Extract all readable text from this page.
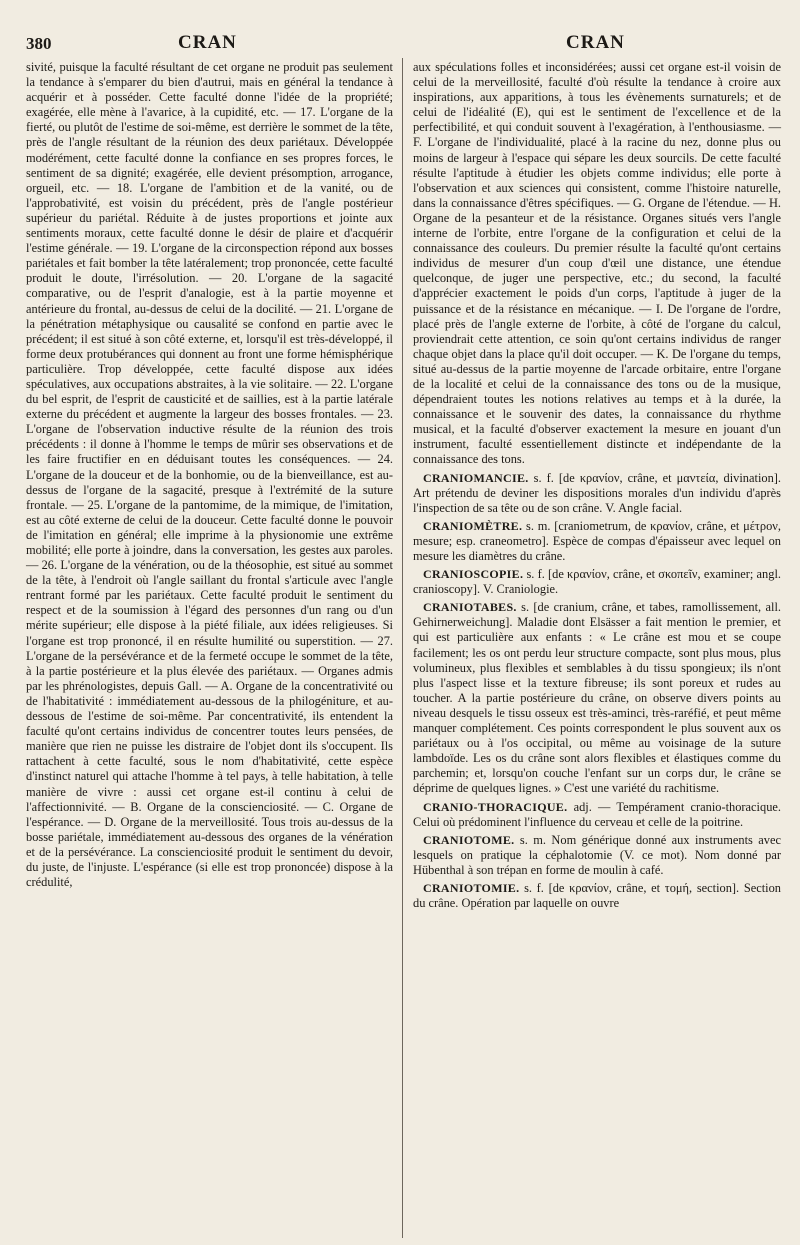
380	CRAN	CRAN

sivité, puisque la faculté résultant de cet organe ne produit pas seulement la tendance à s'emparer du bien d'autrui, mais en général la tendance à acquérir et à posséder. Cette faculté donne l'idée de la propriété; exagérée, elle mène à l'avarice, à la cupidité, etc. — 17. L'organe de la fierté, ou plutôt de l'estime de soi-même, est derrière le sommet de la tête, près de l'angle résultant de la réunion des deux pariétaux. Développée modérément, cette faculté donne la confiance en ses propres forces, le sentiment de sa dignité; exagérée, elle devient présomption, arrogance, orgueil, etc. — 18. L'organe de l'ambition et de la vanité, ou de l'approbativité, est voisin du précédent, près de l'angle postérieur supérieur du pariétal. Réduite à de justes proportions et jointe aux sentiments moraux, cette faculté donne le désir de plaire et d'acquérir l'estime générale. — 19. L'organe de la circonspection répond aux bosses pariétales et fait bomber la tête latéralement; trop prononcée, cette faculté produit le doute, l'irrésolution. — 20. L'organe de la sagacité comparative, ou de l'esprit d'analogie, est à la partie moyenne et antérieure du frontal, au-dessus de celui de la docilité. — 21. L'organe de la pénétration métaphysique ou causalité se confond en partie avec le précédent; il est situé à son côté externe, et, lorsqu'il est très-développé, il forme deux protubérances qui donnent au front une forme hémisphérique particulière. Trop développée, cette faculté dispose aux idées spéculatives, aux occupations abstraites, à la vie solitaire. — 22. L'organe du bel esprit, de l'esprit de causticité et de saillies, est à la partie latérale externe du précédent et augmente la largeur des bosses frontales. — 23. L'organe de l'observation inductive résulte de la réunion des trois précédents : il donne à l'homme le temps de mûrir ses observations et de les faire fructifier en en déduisant toutes les conséquences. — 24. L'organe de la douceur et de la bonhomie, ou de la bienveillance, est au-dessus de l'organe de la sagacité, presque à l'extrémité de la suture frontale. — 25. L'organe de la pantomime, de la mimique, de l'imitation, est au côté externe de celui de la douceur. Cette faculté donne le pouvoir de l'imitation en général; elle imprime à la physionomie une extrême mobilité; elle porte à joindre, dans la conversation, les gestes aux paroles. — 26. L'organe de la vénération, ou de la théosophie, est situé au sommet de la tête, à l'endroit où l'angle saillant du frontal s'articule avec l'angle rentrant formé par les pariétaux. Cette faculté produit le sentiment du respect et de la soumission à l'égard des personnes d'un rang ou d'un mérite supérieur; elle dispose à la piété filiale, aux idées religieuses. Si l'organe est trop prononcé, il en résulte humilité ou superstition. — 27. L'organe de la persévérance et de la fermeté occupe le sommet de la tête, à la partie postérieure et la plus élevée des pariétaux. — Organes admis par les phrénologistes, depuis Gall. — A. Organe de la concentrativité ou de l'habitativité : immédiatement au-dessous de la philogéniture, et au-dessous de l'estime de soi-même. Par concentrativité, ils entendent la faculté qu'ont certains individus de concentrer toutes leurs pensées, de manière que rien ne puisse les distraire de l'objet dont ils s'occupent. Ils rattachent à cette faculté, sous le nom d'habitativité, cette espèce d'instinct naturel qui attache l'homme à tel pays, à telle habitation, à telle manière de vivre : aussi cet organe est-il continu à celui de l'affectionnivité. — B. Organe de la conscienciosité. — C. Organe de l'espérance. — D. Organe de la merveillosité. Tous trois au-dessus de la bosse pariétale, immédiatement au-dessous des organes de la vénération et de la persévérance. La conscienciosité produit le sentiment du devoir, du juste, de l'injuste. L'espérance (si elle est trop prononcée) dispose à la crédulité,

aux spéculations folles et inconsidérées; aussi cet organe est-il voisin de celui de la merveillosité, faculté d'où résulte la tendance à croire aux inspirations, aux apparitions, à tous les évènements surnaturels; et de celui de l'idéalité (E), qui est le sentiment de l'excellence et de la perfectibilité, et qui conduit souvent à l'exagération, à l'enthousiasme. — F. L'organe de l'individualité, placé à la racine du nez, donne plus ou moins de largeur à l'espace qui sépare les deux sourcils. De cette faculté résulte l'aptitude à étudier les objets comme individus; elle porte à l'observation et aux sciences qui consistent, comme l'histoire naturelle, dans la connaissance d'êtres spécifiques. — G. Organe de l'étendue. — H. Organe de la pesanteur et de la résistance. Organes situés vers l'angle interne de l'orbite, entre l'organe de la configuration et celui de la connaissance des couleurs. Du premier résulte la faculté qu'ont certains individus de mesurer d'un coup d'œil une distance, une étendue quelconque, de juger une perspective, etc.; du second, la faculté d'apprécier exactement le poids d'un corps, l'aptitude à juger de la puissance et de la résistance en mécanique. — I. De l'organe de l'ordre, placé près de l'angle externe de l'orbite, à côté de l'organe du calcul, proviendrait cette attention, ce soin qu'ont certains individus de ranger chaque objet dans la place qu'il doit occuper. — K. De l'organe du temps, situé au-dessus de la partie moyenne de l'arcade orbitaire, entre l'organe de la localité et celui de la connaissance des tons ou de la musique, dépendraient toutes les notions relatives au temps et à la durée, la connaissance et le souvenir des dates, la connaissance du rhythme musical, et la faculté d'observer exactement la mesure en jouant d'un instrument, faculté essentiellement distincte et indépendante de la connaissance des tons.

CRANIOMANCIE. s. f. [de κρανίον, crâne, et μαντεία, divination]. Art prétendu de deviner les dispositions morales d'un individu d'après l'inspection de sa tête ou de son crâne. V. Angle facial.

CRANIOMÈTRE. s. m. [craniometrum, de κρανίον, crâne, et μέτρον, mesure; esp. craneometro]. Espèce de compas d'épaisseur avec lequel on mesure les diamètres du crâne.

CRANIOSCOPIE. s. f. [de κρανίον, crâne, et σκοπεῖν, examiner; angl. cranioscopy]. V. Craniologie.

CRANIOTABES. s. [de cranium, crâne, et tabes, ramollissement, all. Gehirnerweichung]. Maladie dont Elsässer a fait mention le premier, et qui est particulière aux enfants : « Le crâne est mou et se coupe facilement; les os ont perdu leur structure compacte, sont plus mous, plus volumineux, plus flexibles et semblables à du tissu spongieux; ils n'ont plus l'aspect lisse et la texture fibreuse; ils sont poreux et rudes au toucher. A la partie postérieure du crâne, on observe divers points au niveau desquels le tissu osseux est très-aminci, très-raréfié, et peut même manquer complétement. Ces points correspondent le plus souvent aux os pariétaux ou à l'os occipital, ou même au voisinage de la suture lambdoïde. Les os du crâne sont alors flexibles et élastiques comme du parchemin; et, lorsqu'on couche l'enfant sur un corps dur, le crâne se déprime de quelques lignes. » C'est une variété du rachitisme.

CRANIO-THORACIQUE. adj. — Tempérament cranio-thoracique. Celui où prédominent l'influence du cerveau et celle de la poitrine.

CRANIOTOME. s. m. Nom générique donné aux instruments avec lesquels on pratique la céphalotomie (V. ce mot). Nom donné par Hübenthal à son trépan en forme de moulin à café.

CRANIOTOMIE. s. f. [de κρανίον, crâne, et τομή, section]. Section du crâne. Opération par laquelle on ouvre
